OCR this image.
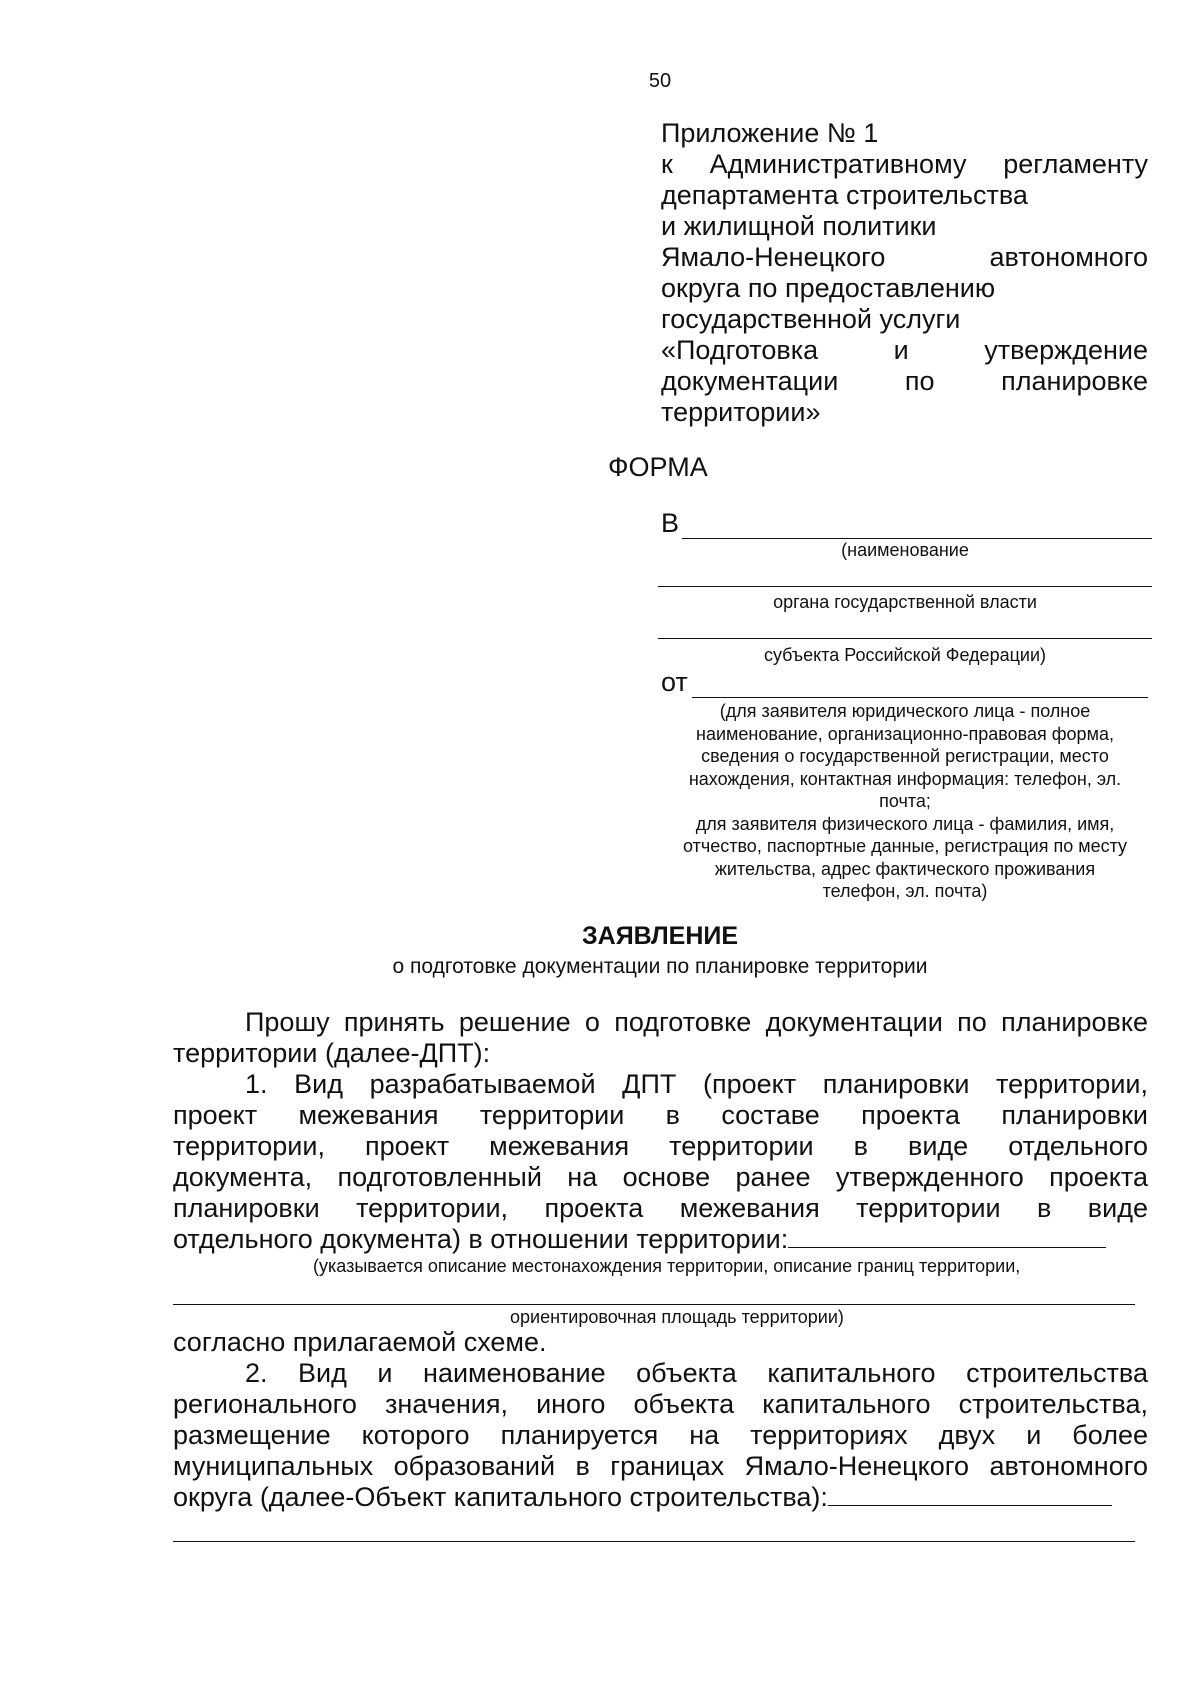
50
Приложение № 1
к Административному регламенту
департамента строительства
и жилищной политики
Ямало-Ненецкого автономного
округа по предоставлению
государственной услуги
«Подготовка и утверждение
документации по планировке
территории»
ФОРМА
В
(наименование
органа государственной власти
субъекта Российской Федерации)
от
(для заявителя юридического лица - полное
наименование, организационно-правовая форма,
сведения о государственной регистрации, место
нахождения, контактная информация: телефон, эл.
почта;
для заявителя физического лица - фамилия, имя,
отчество, паспортные данные, регистрация по месту
жительства, адрес фактического проживания
телефон, эл. почта)
ЗАЯВЛЕНИЕ
о подготовке документации по планировке территории
Прошу принять решение о подготовке документации по планировке
территории (далее-ДПТ):
1. Вид разрабатываемой ДПТ (проект планировки территории,
проект межевания территории в составе проекта планировки
территории, проект межевания территории в виде отдельного
документа, подготовленный на основе ранее утвержденного проекта
планировки территории, проекта межевания территории в виде
отдельного документа) в отношении территории:
(указывается описание местонахождения территории, описание границ территории,
ориентировочная площадь территории)
согласно прилагаемой схеме.
2. Вид и наименование объекта капитального строительства
регионального значения, иного объекта капитального строительства,
размещение которого планируется на территориях двух и более
муниципальных образований в границах Ямало-Ненецкого автономного
округа (далее-Объект капитального строительства):
